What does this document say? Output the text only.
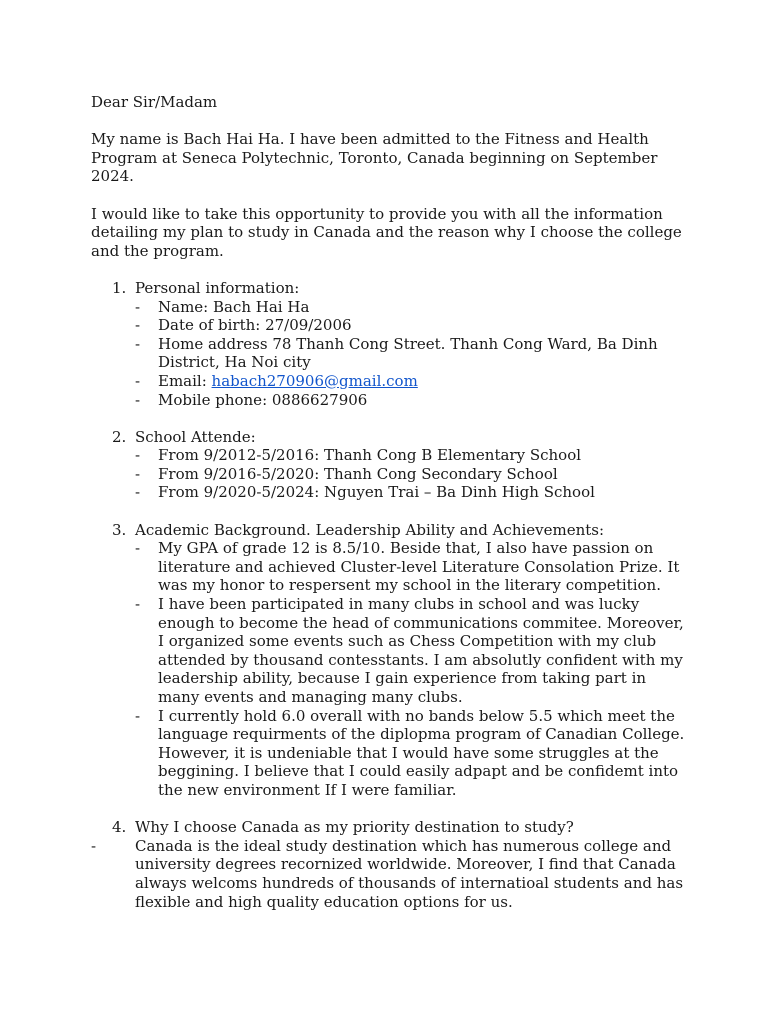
Dear Sir/Madam

My name is Bach Hai Ha. I have been admitted to the Fitness and Health Program at Seneca Polytechnic, Toronto, Canada beginning on September 2024.

I would like to take this opportunity to provide you with all the information detailing my plan to study in Canada and the reason why I choose the college and the program.

1. Personal information:
-	Name: Bach Hai Ha
-	Date of birth: 27/09/2006
-	Home address 78 Thanh Cong Street. Thanh Cong Ward, Ba Dinh District, Ha Noi city
-	Email: habach270906@gmail.com
-	Mobile phone: 0886627906
2. School Attende:
-	From 9/2012-5/2016: Thanh Cong B Elementary School
-	From 9/2016-5/2020: Thanh Cong Secondary School
-	From 9/2020-5/2024: Nguyen Trai – Ba Dinh High School
3. Academic Background. Leadership Ability and Achievements:
-	My GPA of grade 12 is 8.5/10. Beside that, I also have passion on literature and achieved Cluster-level Literature Consolation Prize. It was my honor to respersent my school in the literary competition.
-	I have been participated in many clubs in school and was lucky enough to become the head of communications commitee. Moreover, I organized some events such as Chess Competition with my club attended by thousand contesstants. I am absolutly confident with my leadership ability, because I gain experience from taking part in many events and managing many clubs.
-	I currently hold 6.0 overall with no bands below 5.5 which meet the language requirments of the diplopma program of Canadian College. However, it is undeniable that I would have some struggles at the beggining. I believe that I could easily adpapt and be confidemt into the new environment If I were familiar.
4. Why I choose Canada as my priority destination to study?
-	Canada is the ideal study destination which has numerous college and university degrees recornized worldwide. Moreover, I find that Canada always welcoms hundreds of thousands of internatioal students and has flexible and high quality education options for us.
